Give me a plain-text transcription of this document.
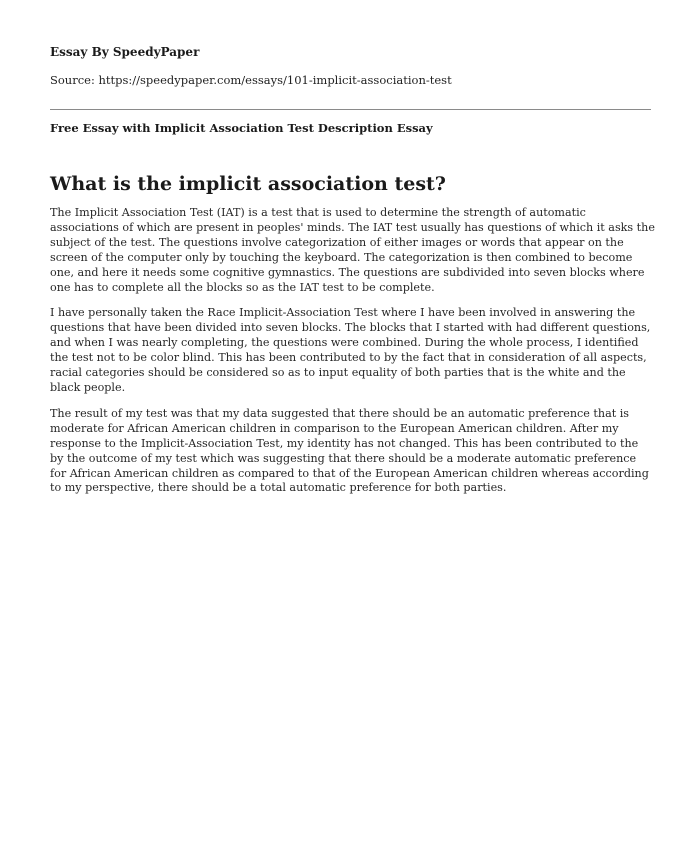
Essay By SpeedyPaper
Source: https://speedypaper.com/essays/101-implicit-association-test
Free Essay with Implicit Association Test Description Essay
What is the implicit association test?

The Implicit Association Test (IAT) is a test that is used to determine the strength of automatic associations of which are present in peoples' minds. The IAT test usually has questions of which it asks the subject of the test. The questions involve categorization of either images or words that appear on the screen of the computer only by touching the keyboard. The categorization is then combined to become one, and here it needs some cognitive gymnastics. The questions are subdivided into seven blocks where one has to complete all the blocks so as the IAT test to be complete.

I have personally taken the Race Implicit-Association Test where I have been involved in answering the questions that have been divided into seven blocks. The blocks that I started with had different questions, and when I was nearly completing, the questions were combined. During the whole process, I identified the test not to be color blind. This has been contributed to by the fact that in consideration of all aspects, racial categories should be considered so as to input equality of both parties that is the white and the black people.

The result of my test was that my data suggested that there should be an automatic preference that is moderate for African American children in comparison to the European American children. After my response to the Implicit-Association Test, my identity has not changed. This has been contributed to the by the outcome of my test which was suggesting that there should be a moderate automatic preference for African American children as compared to that of the European American children whereas according to my perspective, there should be a total automatic preference for both parties.
